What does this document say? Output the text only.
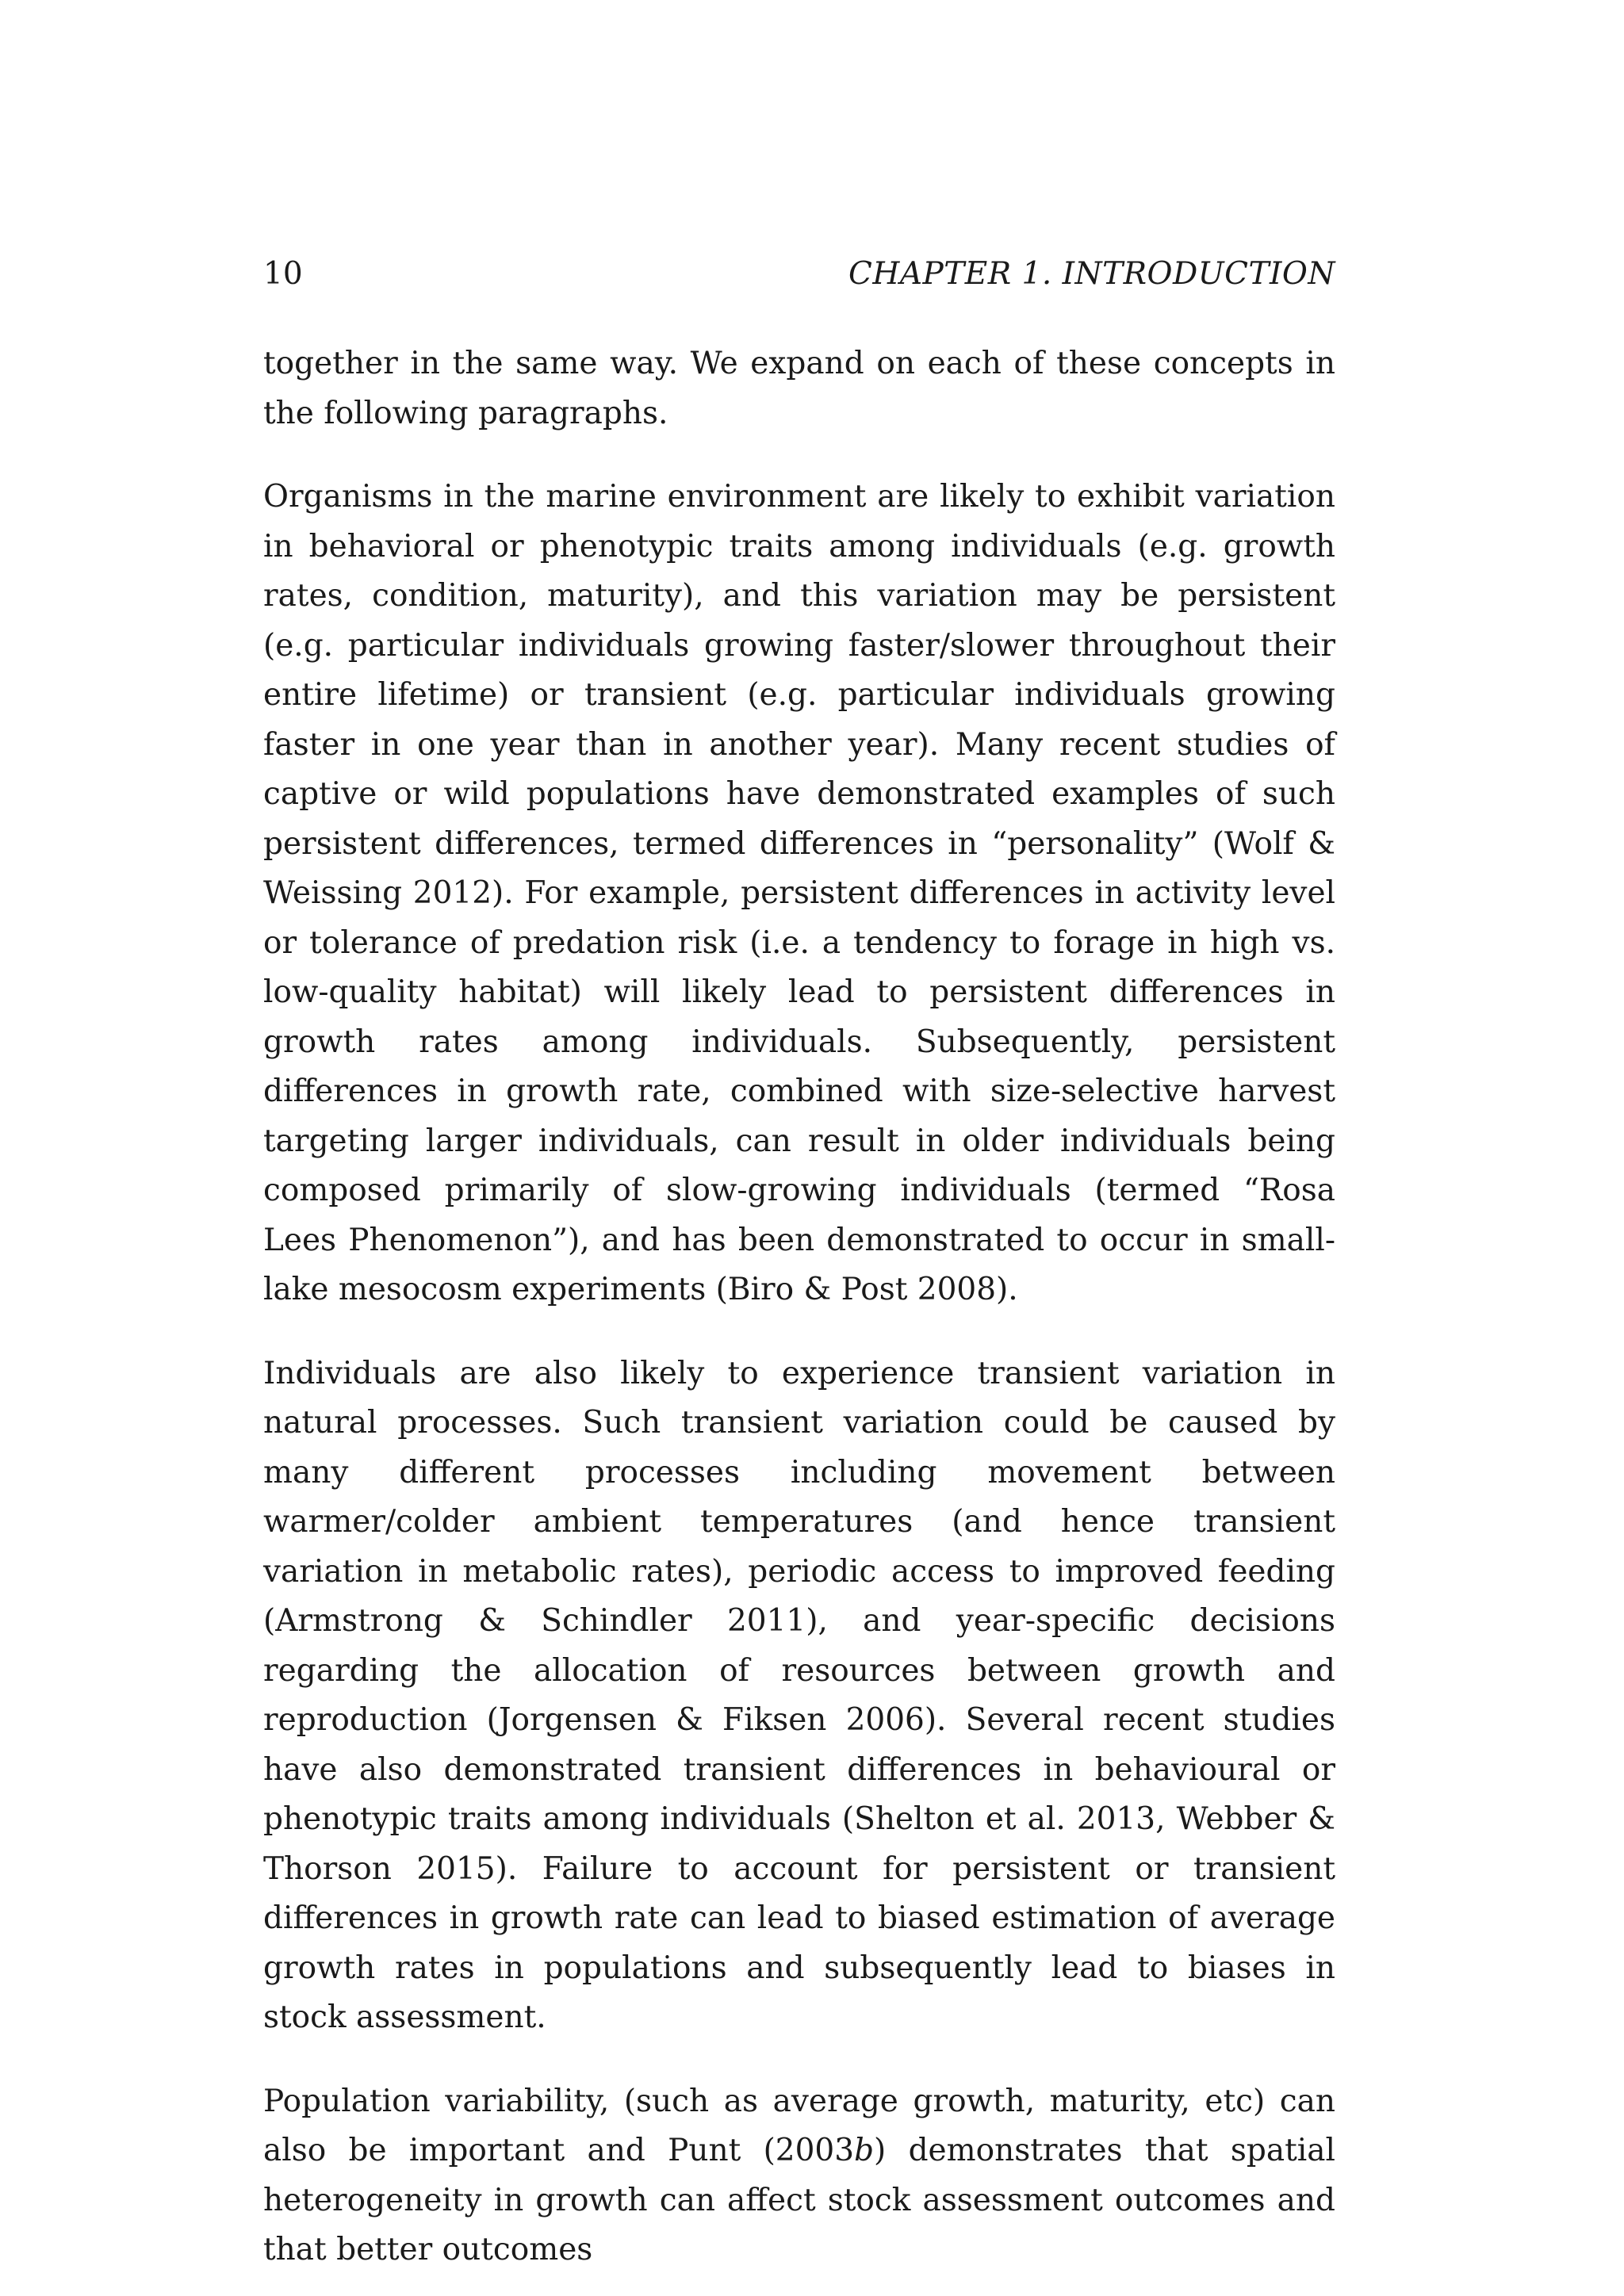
10	CHAPTER 1. INTRODUCTION

together in the same way. We expand on each of these concepts in the following paragraphs.

Organisms in the marine environment are likely to exhibit variation in behavioral or phenotypic traits among individuals (e.g. growth rates, condition, maturity), and this variation may be persistent (e.g. particular individuals growing faster/slower throughout their entire lifetime) or transient (e.g. particular individuals growing faster in one year than in another year). Many recent studies of captive or wild populations have demonstrated examples of such persistent differences, termed differences in “personality” (Wolf & Weissing 2012). For example, persistent differences in activity level or tolerance of predation risk (i.e. a tendency to forage in high vs. low-quality habitat) will likely lead to persistent differences in growth rates among individuals. Subsequently, persistent differences in growth rate, combined with size-selective harvest targeting larger individuals, can result in older individuals being composed primarily of slow-growing individuals (termed “Rosa Lees Phenomenon”), and has been demonstrated to occur in small-lake mesocosm experiments (Biro & Post 2008).

Individuals are also likely to experience transient variation in natural processes. Such transient variation could be caused by many different processes including movement between warmer/colder ambient temperatures (and hence transient variation in metabolic rates), periodic access to improved feeding (Armstrong & Schindler 2011), and year-specific decisions regarding the allocation of resources between growth and reproduction (Jorgensen & Fiksen 2006). Several recent studies have also demonstrated transient differences in behavioural or phenotypic traits among individuals (Shelton et al. 2013, Webber & Thorson 2015). Failure to account for persistent or transient differences in growth rate can lead to biased estimation of average growth rates in populations and subsequently lead to biases in stock assessment.

Population variability, (such as average growth, maturity, etc) can also be important and Punt (2003b) demonstrates that spatial heterogeneity in growth can affect stock assessment outcomes and that better outcomes
